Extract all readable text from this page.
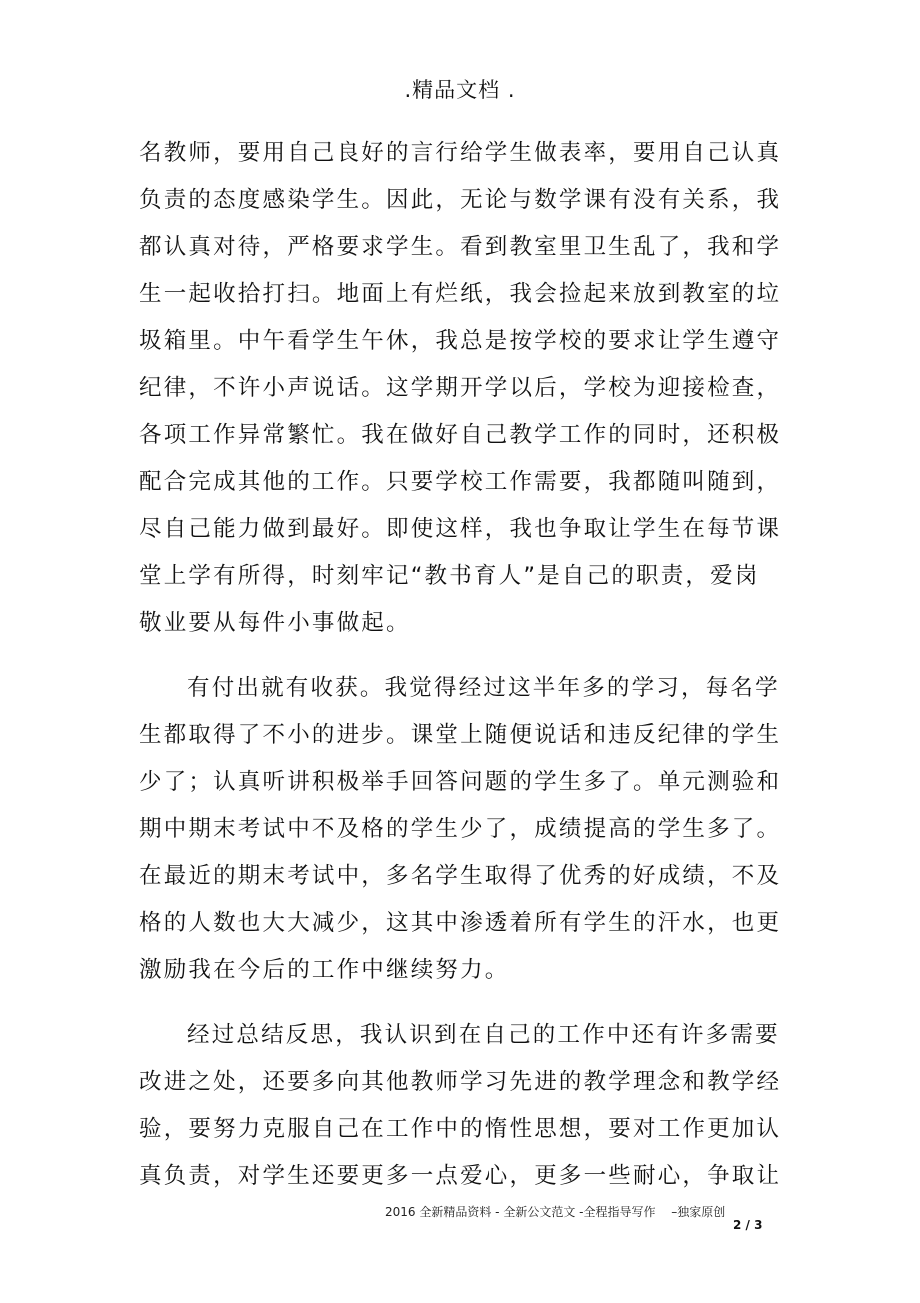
.精品文档 .
名教师，要用自己良好的言行给学生做表率，要用自己认真
负责的态度感染学生。因此，无论与数学课有没有关系，我
都认真对待，严格要求学生。看到教室里卫生乱了，我和学
生一起收拾打扫。地面上有烂纸，我会捡起来放到教室的垃
圾箱里。中午看学生午休，我总是按学校的要求让学生遵守
纪律，不许小声说话。这学期开学以后，学校为迎接检查，
各项工作异常繁忙。我在做好自己教学工作的同时，还积极
配合完成其他的工作。只要学校工作需要，我都随叫随到，
尽自己能力做到最好。即使这样，我也争取让学生在每节课
堂上学有所得，时刻牢记“教书育人”是自己的职责，爱岗
敬业要从每件小事做起。
有付出就有收获。我觉得经过这半年多的学习，每名学
生都取得了不小的进步。课堂上随便说话和违反纪律的学生
少了；认真听讲积极举手回答问题的学生多了。单元测验和
期中期末考试中不及格的学生少了，成绩提高的学生多了。
在最近的期末考试中，多名学生取得了优秀的好成绩，不及
格的人数也大大减少，这其中渗透着所有学生的汗水，也更
激励我在今后的工作中继续努力。
经过总结反思，我认识到在自己的工作中还有许多需要
改进之处，还要多向其他教师学习先进的教学理念和教学经
验，要努力克服自己在工作中的惰性思想，要对工作更加认
真负责，对学生还要更多一点爱心，更多一些耐心，争取让
2016 全新精品资料 - 全新公文范文 -全程指导写作　 –独家原创
2 / 3
